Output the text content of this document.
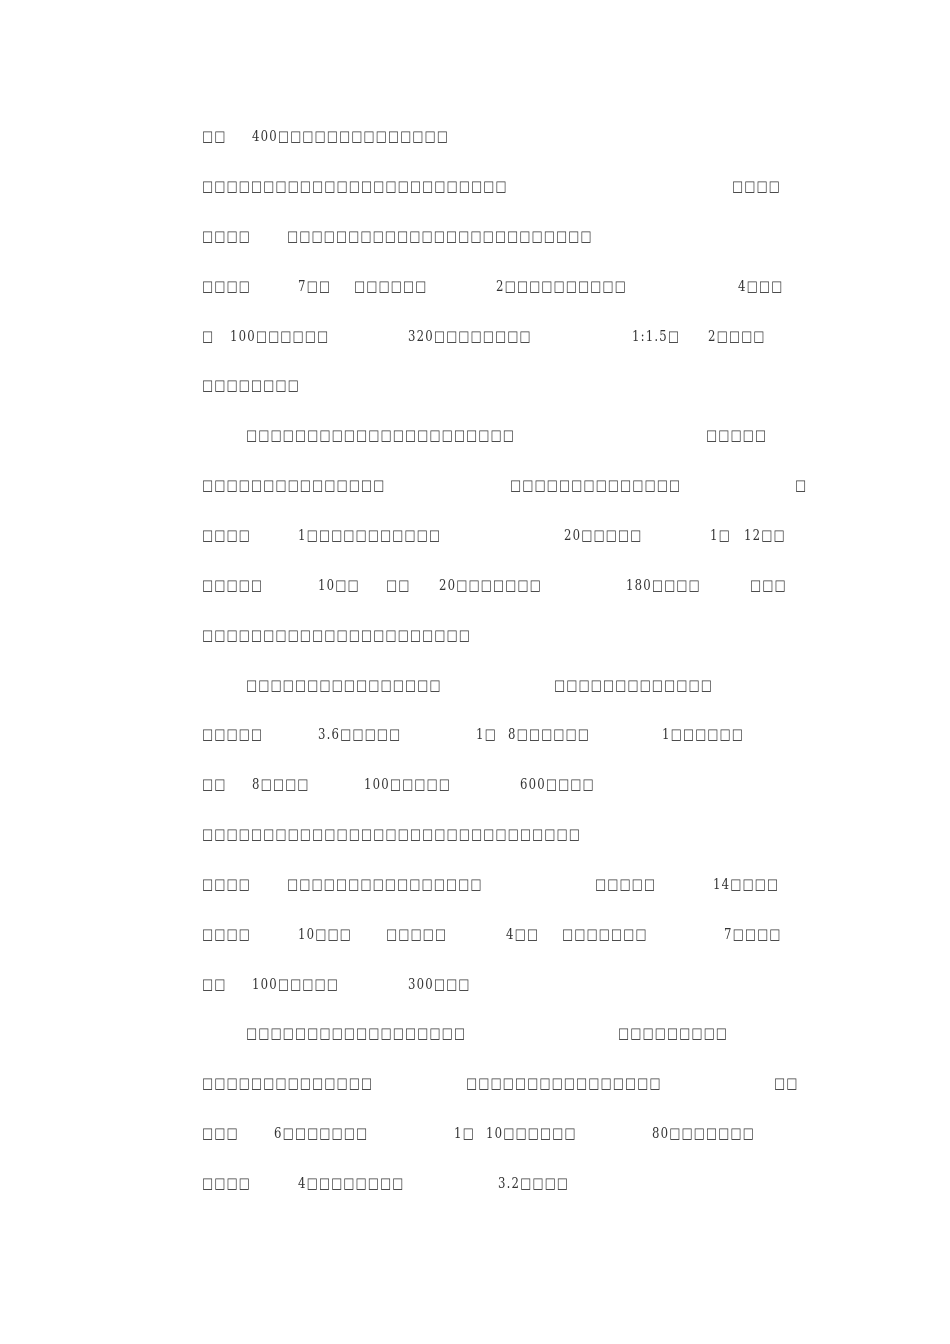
□□ 400□□□□□□□□□□□□□□
□□□□□□□□□□□□□□□□□□□□□□□□□	□□□□
□□□□ □□□□□□□□□□□□□□□□□□□□□□□□□
□□□□	7□□ □□□□□□	2□□□□□□□□□□	4□□□
□ 100□□□□□□	320□□□□□□□□	1:1.5□ 2□□□□
□□□□□□□□
□□□□□□□□□□□□□□□□□□□□□□	□□□□□
□□□□□□□□□□□□□□□	□□□□□□□□□□□□□□	□
□□□□	1□□□□□□□□□□□	20□□□□□	1□ 12□□
□□□□□	10□□ □□ 20□□□□□□□	180□□□□	□□□
□□□□□□□□□□□□□□□□□□□□□□
□□□□□□□□□□□□□□□□	□□□□□□□□□□□□□
□□□□□	3.6□□□□□	1□ 8□□□□□□	1□□□□□□
□□ 8□□□□	100□□□□□	600□□□□
□□□□□□□□□□□□□□□□□□□□□□□□□□□□□□□
□□□□ □□□□□□□□□□□□□□□□	□□□□□	14□□□□
□□□□	10□□□ □□□□□	4□□ □□□□□□□	7□□□□
□□ 100□□□□□	300□□□
□□□□□□□□□□□□□□□□□□	□□□□□□□□□
□□□□□□□□□□□□□□	□□□□□□□□□□□□□□□□	□□
□□□ 6□□□□□□□	1□ 10□□□□□□	80□□□□□□□
□□□□	4□□□□□□□□	3.2□□□□
